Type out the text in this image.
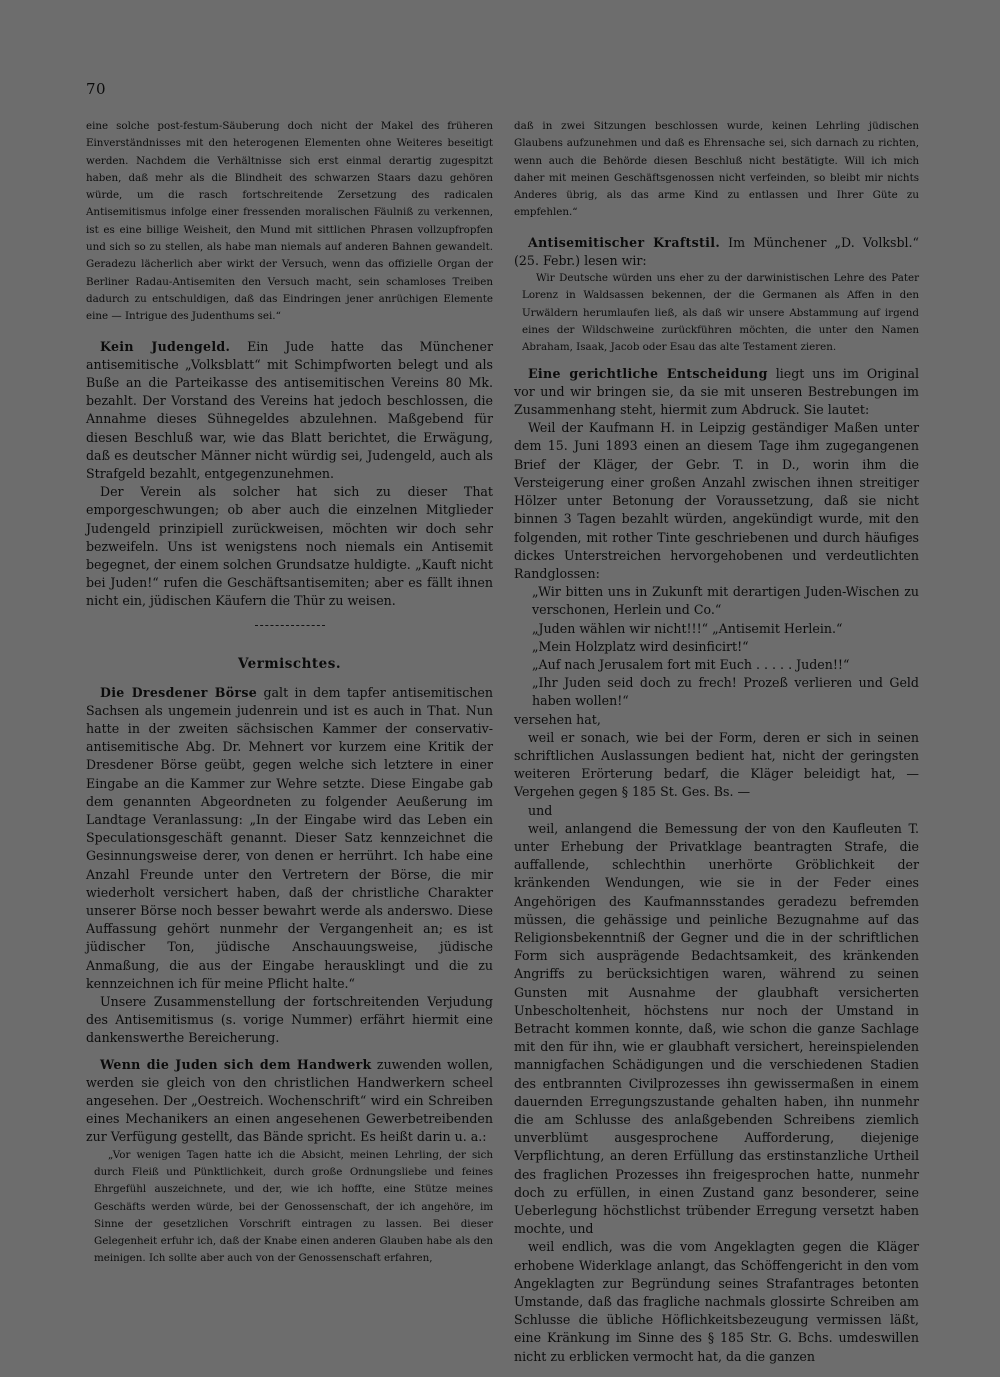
70

eine solche post-festum-Säuberung doch nicht der Makel des früheren Einverständnisses mit den heterogenen Elementen ohne Weiteres beseitigt werden. Nachdem die Verhältnisse sich erst einmal derartig zugespitzt haben, daß mehr als die Blindheit des schwarzen Staars dazu gehören würde, um die rasch fortschreitende Zersetzung des radicalen Antisemitismus infolge einer fressenden moralischen Fäulniß zu verkennen, ist es eine billige Weisheit, den Mund mit sittlichen Phrasen vollzupfropfen und sich so zu stellen, als habe man niemals auf anderen Bahnen gewandelt. Geradezu lächerlich aber wirkt der Versuch, wenn das offizielle Organ der Berliner Radau-Antisemiten den Versuch macht, sein schamloses Treiben dadurch zu entschuldigen, daß das Eindringen jener anrüchigen Elemente eine — Intrigue des Judenthums sei.“

Kein Judengeld. Ein Jude hatte das Münchener antisemitische „Volksblatt“ mit Schimpfworten belegt und als Buße an die Parteikasse des antisemitischen Vereins 80 Mk. bezahlt. Der Vorstand des Vereins hat jedoch beschlossen, die Annahme dieses Sühnegeldes abzulehnen. Maßgebend für diesen Beschluß war, wie das Blatt berichtet, die Erwägung, daß es deutscher Männer nicht würdig sei, Judengeld, auch als Strafgeld bezahlt, entgegenzunehmen.

Der Verein als solcher hat sich zu dieser That emporgeschwungen; ob aber auch die einzelnen Mitglieder Judengeld prinzipiell zurückweisen, möchten wir doch sehr bezweifeln. Uns ist wenigstens noch niemals ein Antisemit begegnet, der einem solchen Grundsatze huldigte. „Kauft nicht bei Juden!“ rufen die Geschäftsantisemiten; aber es fällt ihnen nicht ein, jüdischen Käufern die Thür zu weisen.

Vermischtes.

Die Dresdener Börse galt in dem tapfer antisemitischen Sachsen als ungemein judenrein und ist es auch in That. Nun hatte in der zweiten sächsischen Kammer der conservativ-antisemitische Abg. Dr. Mehnert vor kurzem eine Kritik der Dresdener Börse geübt, gegen welche sich letztere in einer Eingabe an die Kammer zur Wehre setzte. Diese Eingabe gab dem genannten Abgeordneten zu folgender Aeußerung im Landtage Veranlassung: „In der Eingabe wird das Leben ein Speculationsgeschäft genannt. Dieser Satz kennzeichnet die Gesinnungsweise derer, von denen er herrührt. Ich habe eine Anzahl Freunde unter den Vertretern der Börse, die mir wiederholt versichert haben, daß der christliche Charakter unserer Börse noch besser bewahrt werde als anderswo. Diese Auffassung gehört nunmehr der Vergangenheit an; es ist jüdischer Ton, jüdische Anschauungsweise, jüdische Anmaßung, die aus der Eingabe herausklingt und die zu kennzeichnen ich für meine Pflicht halte.“

Unsere Zusammenstellung der fortschreitenden Verjudung des Antisemitismus (s. vorige Nummer) erfährt hiermit eine dankenswerthe Bereicherung.

Wenn die Juden sich dem Handwerk zuwenden wollen, werden sie gleich von den christlichen Handwerkern scheel angesehen. Der „Oestreich. Wochenschrift“ wird ein Schreiben eines Mechanikers an einen angesehenen Gewerbetreibenden zur Verfügung gestellt, das Bände spricht. Es heißt darin u. a.:

„Vor wenigen Tagen hatte ich die Absicht, meinen Lehrling, der sich durch Fleiß und Pünktlichkeit, durch große Ordnungsliebe und feines Ehrgefühl auszeichnete, und der, wie ich hoffte, eine Stütze meines Geschäfts werden würde, bei der Genossenschaft, der ich angehöre, im Sinne der gesetzlichen Vorschrift eintragen zu lassen. Bei dieser Gelegenheit erfuhr ich, daß der Knabe einen anderen Glauben habe als den meinigen. Ich sollte aber auch von der Genossenschaft erfahren,

daß in zwei Sitzungen beschlossen wurde, keinen Lehrling jüdischen Glaubens aufzunehmen und daß es Ehrensache sei, sich darnach zu richten, wenn auch die Behörde diesen Beschluß nicht bestätigte. Will ich mich daher mit meinen Geschäftsgenossen nicht verfeinden, so bleibt mir nichts Anderes übrig, als das arme Kind zu entlassen und Ihrer Güte zu empfehlen.“

Antisemitischer Kraftstil. Im Münchener „D. Volksbl.“ (25. Febr.) lesen wir:

Wir Deutsche würden uns eher zu der darwinistischen Lehre des Pater Lorenz in Waldsassen bekennen, der die Germanen als Affen in den Urwäldern herumlaufen ließ, als daß wir unsere Abstammung auf irgend eines der Wildschweine zurückführen möchten, die unter den Namen Abraham, Isaak, Jacob oder Esau das alte Testament zieren.

Eine gerichtliche Entscheidung liegt uns im Original vor und wir bringen sie, da sie mit unseren Bestrebungen im Zusammenhang steht, hiermit zum Abdruck. Sie lautet:

Weil der Kaufmann H. in Leipzig geständiger Maßen unter dem 15. Juni 1893 einen an diesem Tage ihm zugegangenen Brief der Kläger, der Gebr. T. in D., worin ihm die Versteigerung einer großen Anzahl zwischen ihnen streitiger Hölzer unter Betonung der Voraussetzung, daß sie nicht binnen 3 Tagen bezahlt würden, angekündigt wurde, mit den folgenden, mit rother Tinte geschriebenen und durch häufiges dickes Unterstreichen hervorgehobenen und verdeutlichten Randglossen:

„Wir bitten uns in Zukunft mit derartigen Juden-Wischen zu verschonen, Herlein und Co.“

„Juden wählen wir nicht!!!“ „Antisemit Herlein.“

„Mein Holzplatz wird desinficirt!“

„Auf nach Jerusalem fort mit Euch . . . . . Juden!!“

„Ihr Juden seid doch zu frech! Prozeß verlieren und Geld haben wollen!“

versehen hat,

weil er sonach, wie bei der Form, deren er sich in seinen schriftlichen Auslassungen bedient hat, nicht der geringsten weiteren Erörterung bedarf, die Kläger beleidigt hat, — Vergehen gegen § 185 St. Ges. Bs. —

und

weil, anlangend die Bemessung der von den Kaufleuten T. unter Erhebung der Privatklage beantragten Strafe, die auffallende, schlechthin unerhörte Gröblichkeit der kränkenden Wendungen, wie sie in der Feder eines Angehörigen des Kaufmannsstandes geradezu befremden müssen, die gehässige und peinliche Bezugnahme auf das Religionsbekenntniß der Gegner und die in der schriftlichen Form sich ausprägende Bedachtsamkeit, des kränkenden Angriffs zu berücksichtigen waren, während zu seinen Gunsten mit Ausnahme der glaubhaft versicherten Unbescholtenheit, höchstens nur noch der Umstand in Betracht kommen konnte, daß, wie schon die ganze Sachlage mit den für ihn, wie er glaubhaft versichert, hereinspielenden mannigfachen Schädigungen und die verschiedenen Stadien des entbrannten Civilprozesses ihn gewissermaßen in einem dauernden Erregungszustande gehalten haben, ihn nunmehr die am Schlusse des anlaßgebenden Schreibens ziemlich unverblümt ausgesprochene Aufforderung, diejenige Verpflichtung, an deren Erfüllung das erstinstanzliche Urtheil des fraglichen Prozesses ihn freigesprochen hatte, nunmehr doch zu erfüllen, in einen Zustand ganz besonderer, seine Ueberlegung höchstlichst trübender Erregung versetzt haben mochte, und

weil endlich, was die vom Angeklagten gegen die Kläger erhobene Widerklage anlangt, das Schöffengericht in den vom Angeklagten zur Begründung seines Strafantrages betonten Umstande, daß das fragliche nachmals glossirte Schreiben am Schlusse die übliche Höflichkeitsbezeugung vermissen läßt, eine Kränkung im Sinne des § 185 Str. G. Bchs. umdeswillen nicht zu erblicken vermocht hat, da die ganzen
